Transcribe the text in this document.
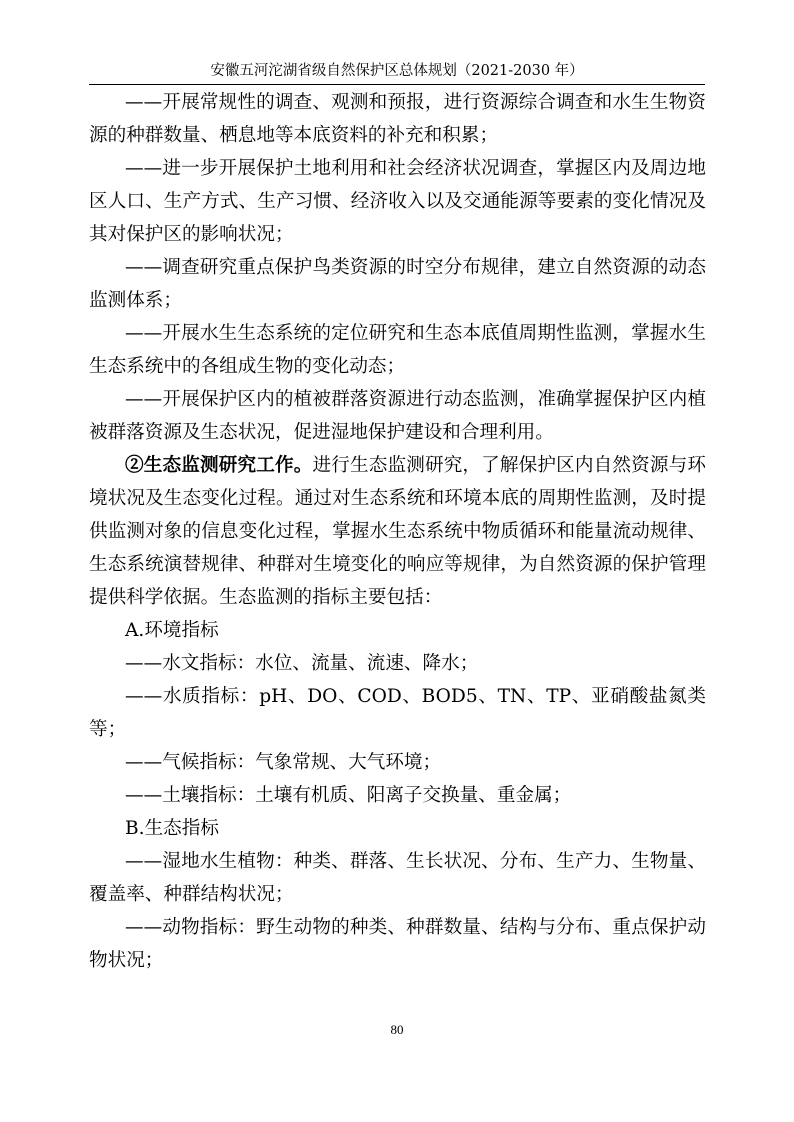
安徽五河沱湖省级自然保护区总体规划（2021-2030 年）

——开展常规性的调查、观测和预报，进行资源综合调查和水生生物资源的种群数量、栖息地等本底资料的补充和积累；

——进一步开展保护土地利用和社会经济状况调查，掌握区内及周边地区人口、生产方式、生产习惯、经济收入以及交通能源等要素的变化情况及其对保护区的影响状况；

——调查研究重点保护鸟类资源的时空分布规律，建立自然资源的动态监测体系；

——开展水生生态系统的定位研究和生态本底值周期性监测，掌握水生生态系统中的各组成生物的变化动态；

——开展保护区内的植被群落资源进行动态监测，准确掌握保护区内植被群落资源及生态状况，促进湿地保护建设和合理利用。

②生态监测研究工作。进行生态监测研究，了解保护区内自然资源与环境状况及生态变化过程。通过对生态系统和环境本底的周期性监测，及时提供监测对象的信息变化过程，掌握水生态系统中物质循环和能量流动规律、生态系统演替规律、种群对生境变化的响应等规律，为自然资源的保护管理提供科学依据。生态监测的指标主要包括：

A.环境指标

——水文指标：水位、流量、流速、降水；

——水质指标：pH、DO、COD、BOD5、TN、TP、亚硝酸盐氮类等；

——气候指标：气象常规、大气环境；

——土壤指标：土壤有机质、阳离子交换量、重金属；

B.生态指标

——湿地水生植物：种类、群落、生长状况、分布、生产力、生物量、覆盖率、种群结构状况；

——动物指标：野生动物的种类、种群数量、结构与分布、重点保护动物状况；

80
